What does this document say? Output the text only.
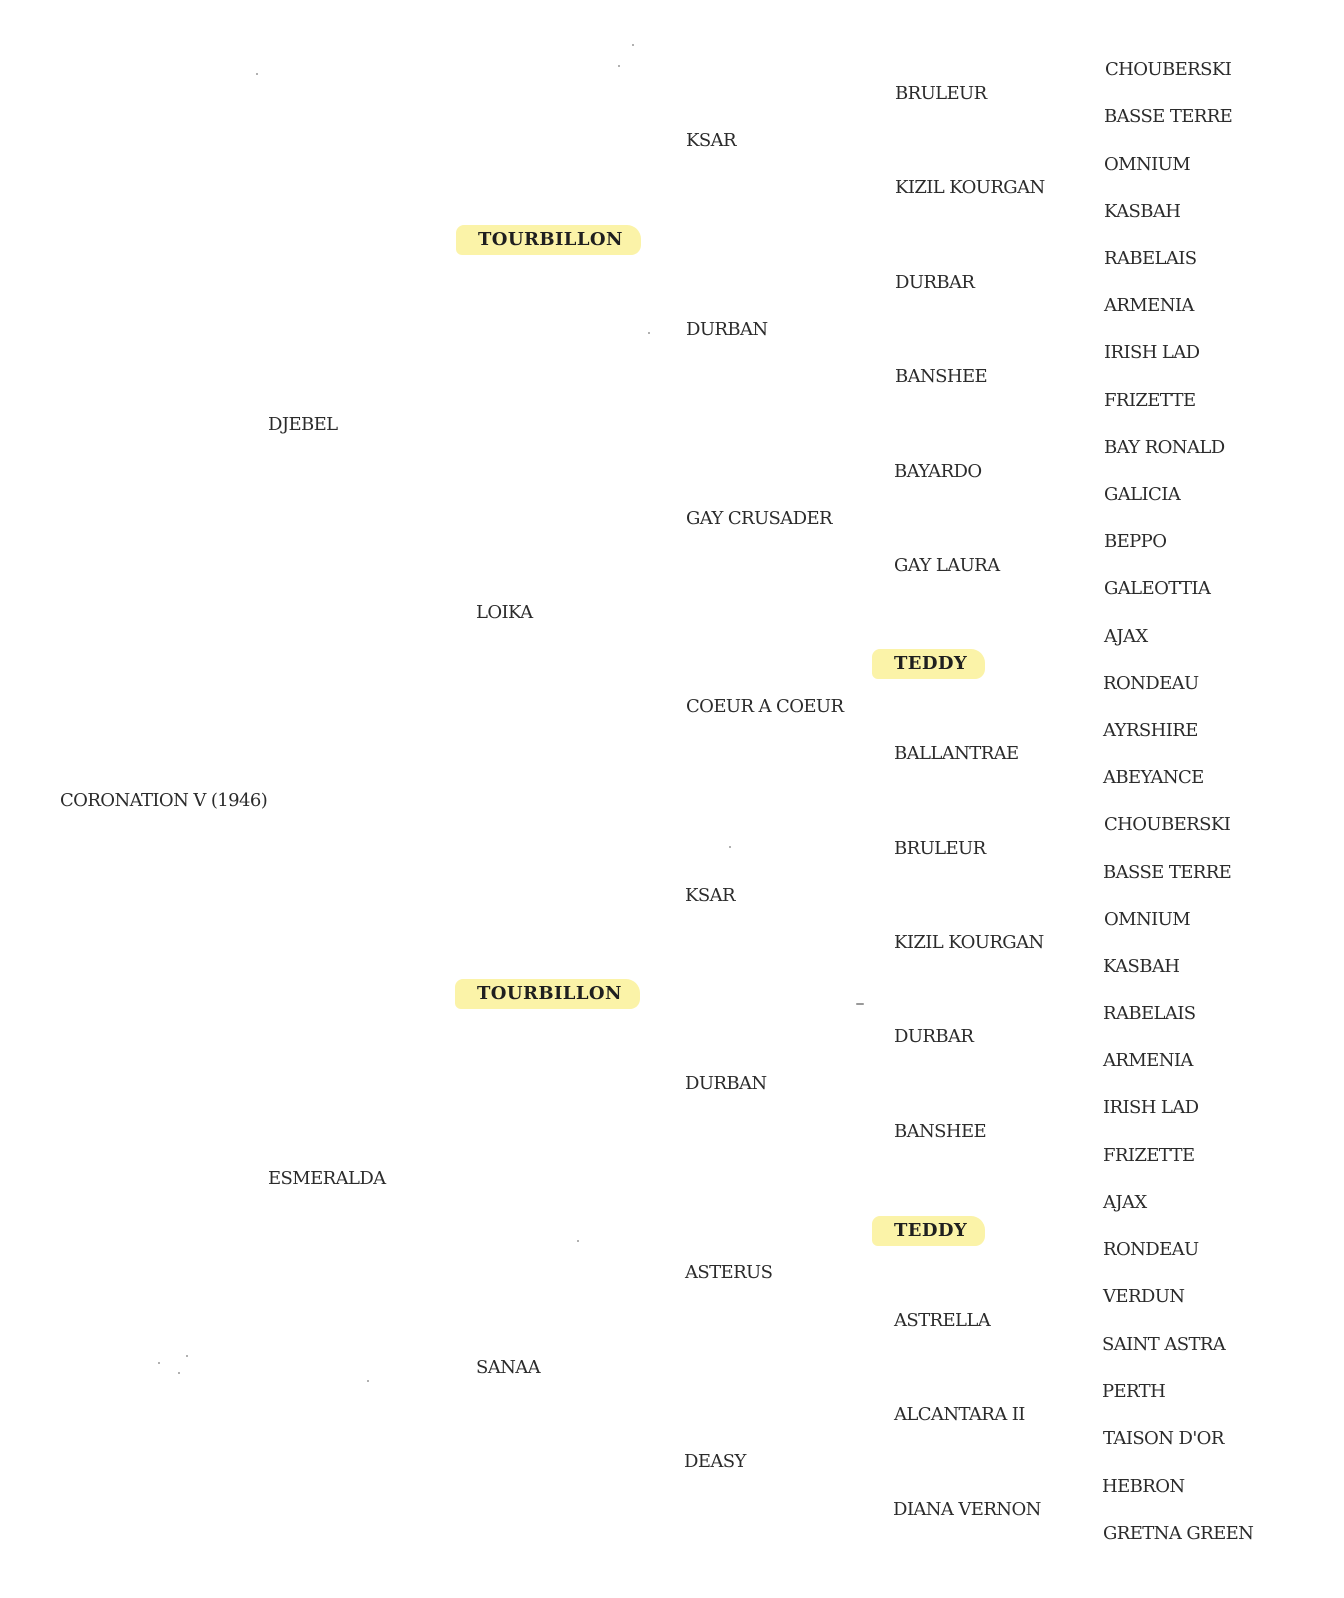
CORONATION V (1946)
DJEBEL
ESMERALDA
TOURBILLON
LOIKA
TOURBILLON
SANAA
KSAR
DURBAN
GAY CRUSADER
COEUR A COEUR
KSAR
DURBAN
ASTERUS
DEASY
BRULEUR
KIZIL KOURGAN
DURBAR
BANSHEE
BAYARDO
GAY LAURA
TEDDY
BALLANTRAE
BRULEUR
KIZIL KOURGAN
DURBAR
BANSHEE
TEDDY
ASTRELLA
ALCANTARA II
DIANA VERNON
CHOUBERSKI
BASSE TERRE
OMNIUM
KASBAH
RABELAIS
ARMENIA
IRISH LAD
FRIZETTE
BAY RONALD
GALICIA
BEPPO
GALEOTTIA
AJAX
RONDEAU
AYRSHIRE
ABEYANCE
CHOUBERSKI
BASSE TERRE
OMNIUM
KASBAH
RABELAIS
ARMENIA
IRISH LAD
FRIZETTE
AJAX
RONDEAU
VERDUN
SAINT ASTRA
PERTH
TAISON D'OR
HEBRON
GRETNA GREEN
